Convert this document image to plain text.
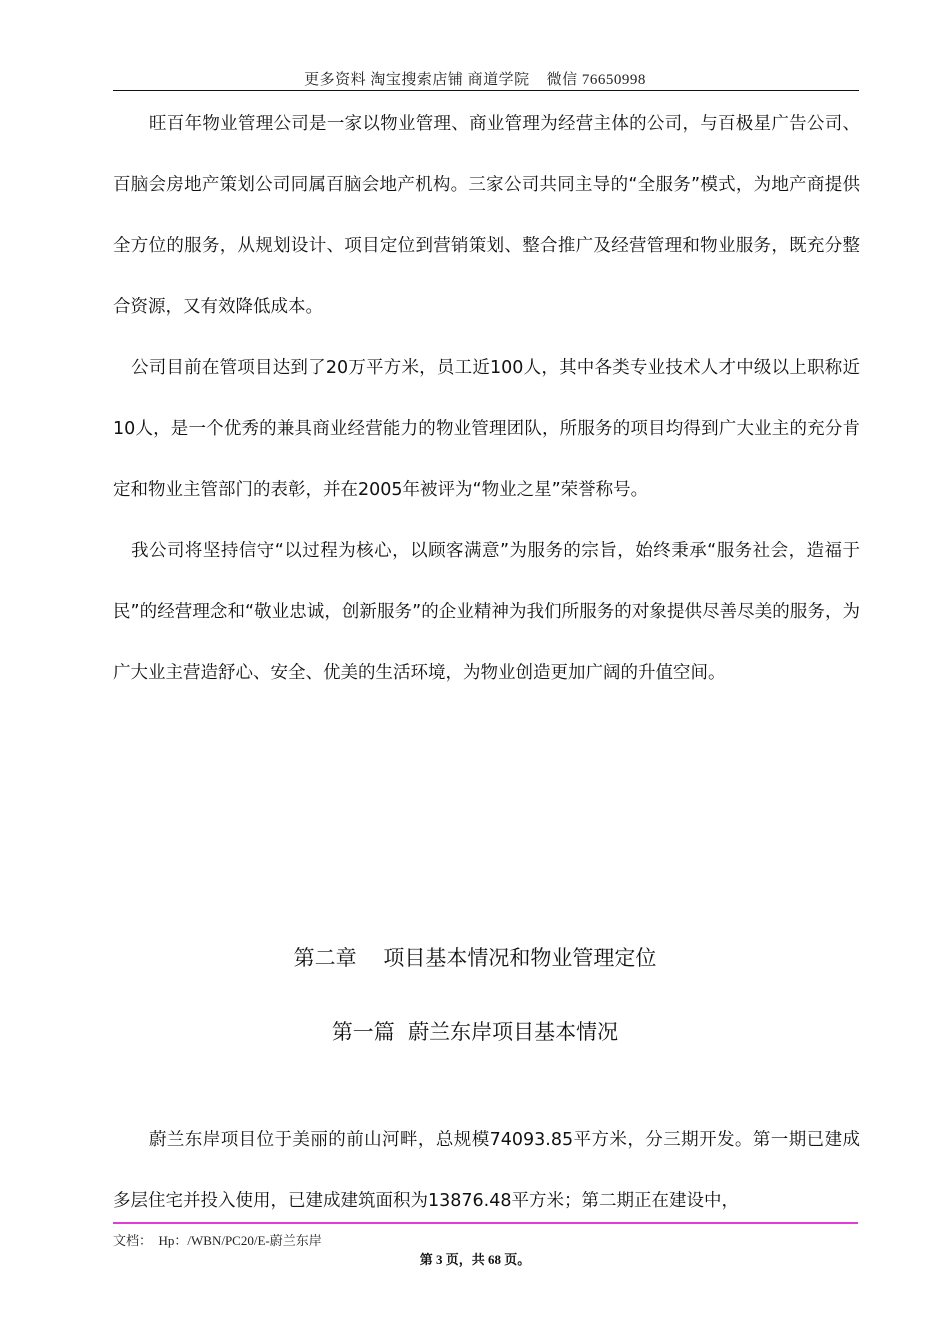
更多资料 淘宝搜索店铺 商道学院    微信 76650998

旺百年物业管理公司是一家以物业管理、商业管理为经营主体的公司，与百极星广告公司、百脑会房地产策划公司同属百脑会地产机构。三家公司共同主导的“全服务”模式，为地产商提供全方位的服务，从规划设计、项目定位到营销策划、整合推广及经营管理和物业服务，既充分整合资源，又有效降低成本。

公司目前在管项目达到了20万平方米，员工近100人，其中各类专业技术人才中级以上职称近10人，是一个优秀的兼具商业经营能力的物业管理团队，所服务的项目均得到广大业主的充分肯定和物业主管部门的表彰，并在2005年被评为“物业之星”荣誉称号。

我公司将坚持信守“以过程为核心，以顾客满意”为服务的宗旨，始终秉承“服务社会，造福于民”的经营理念和“敬业忠诚，创新服务”的企业精神为我们所服务的对象提供尽善尽美的服务，为广大业主营造舒心、安全、优美的生活环境，为物业创造更加广阔的升值空间。

第二章    项目基本情况和物业管理定位
第一篇  蔚兰东岸项目基本情况

蔚兰东岸项目位于美丽的前山河畔，总规模74093.85平方米，分三期开发。第一期已建成多层住宅并投入使用，已建成建筑面积为13876.48平方米；第二期正在建设中，

文档：  Hp：/WBN/PC20/E-蔚兰东岸
第 3 页，共 68 页。
